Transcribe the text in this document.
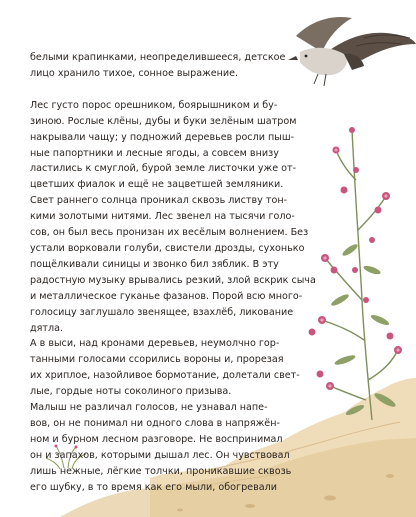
белыми крапинками, неопределившееся, детское
лицо хранило тихое, сонное выражение.

Лес густо порос орешником, боярышником и бу-
зиною. Рослые клёны, дубы и буки зелёным шатром
накрывали чащу; у подножий деревьев росли пыш-
ные папортники и лесные ягоды, а совсем внизу
ластились к смуглой, бурой земле листочки уже от-
цветших фиалок и ещё не зацветшей земляники.

Свет раннего солнца проникал сквозь листву тон-
кими золотыми нитями. Лес звенел на тысячи голо-
сов, он был весь пронизан их весёлым волнением. Без
устали ворковали голуби, свистели дрозды, сухонько
пощёлкивали синицы и звонко бил зяблик. В эту
радостную музыку врывались резкий, злой вскрик сыча
и металлическое гуканье фазанов. Порой всю много-
голосицу заглушало звенящее, взахлёб, ликование
дятла.

А в выси, над кронами деревьев, неумолчно гор-
танными голосами ссорились вороны и, прорезая
их хриплое, назойливое бормотание, долетали свет-
лые, гордые ноты соколиного призыва.

Малыш не различал голосов, не узнавал напе-
вов, он не понимал ни одного слова в напряжён-
ном и бурном лесном разговоре. Не воспринимал
он и запахов, которыми дышал лес. Он чувствовал
лишь нежные, лёгкие толчки, проникавшие сквозь
его шубку, в то время как его мыли, обогревали
